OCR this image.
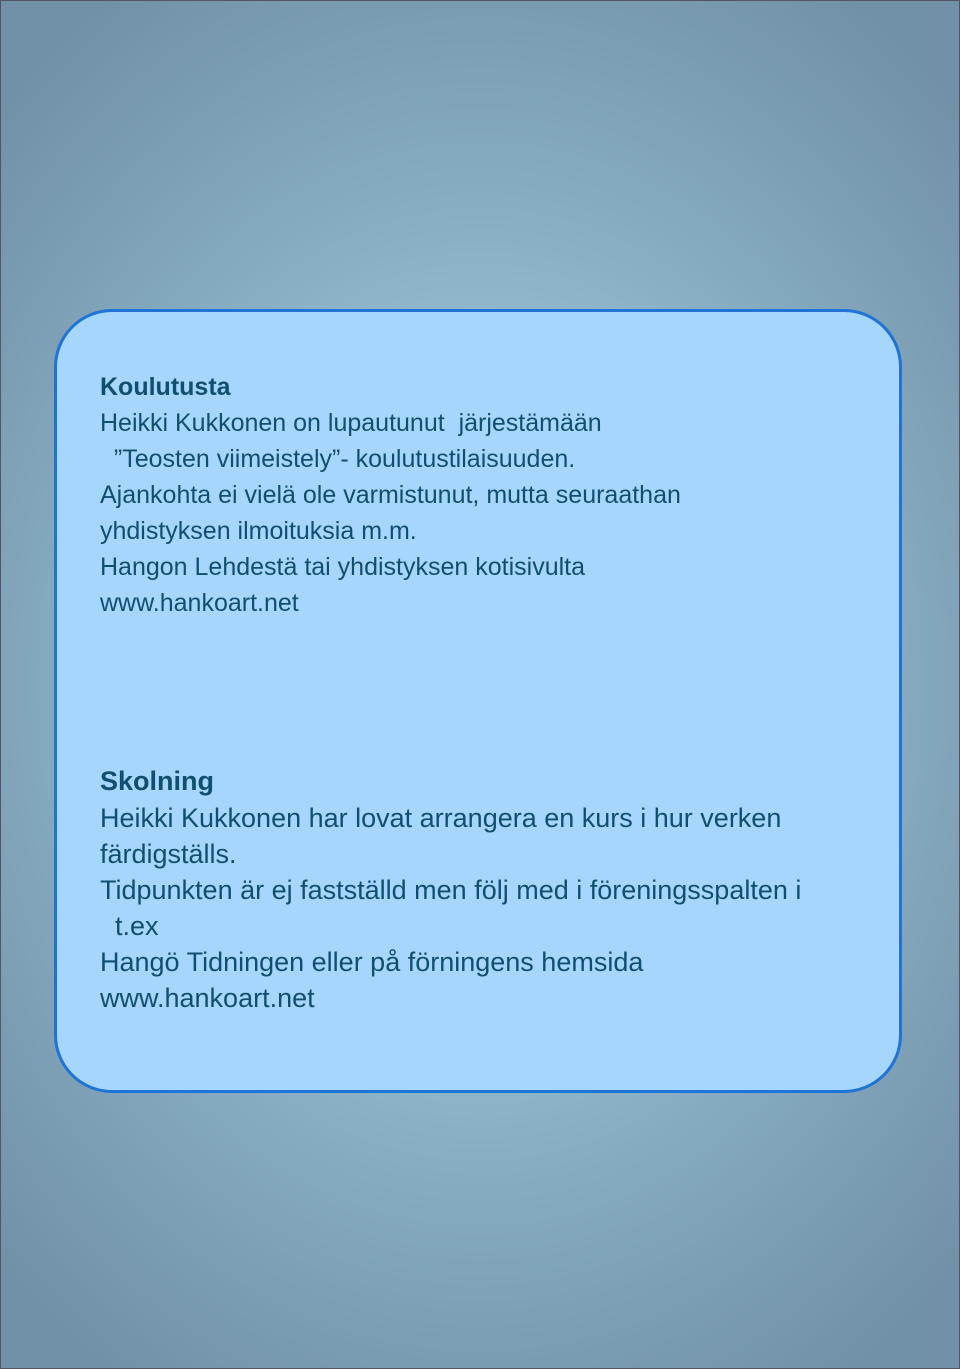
Koulutusta
Heikki Kukkonen on lupautunut  järjestämään
”Teosten viimeistely”- koulutustilaisuuden.
Ajankohta ei vielä ole varmistunut, mutta seuraathan
yhdistyksen ilmoituksia m.m.
Hangon Lehdestä tai yhdistyksen kotisivulta
www.hankoart.net
Skolning
Heikki Kukkonen har lovat arrangera en kurs i hur verken
färdigställs.
Tidpunkten är ej fastställd men följ med i föreningsspalten i
t.ex
Hangö Tidningen eller på förningens hemsida
www.hankoart.net
